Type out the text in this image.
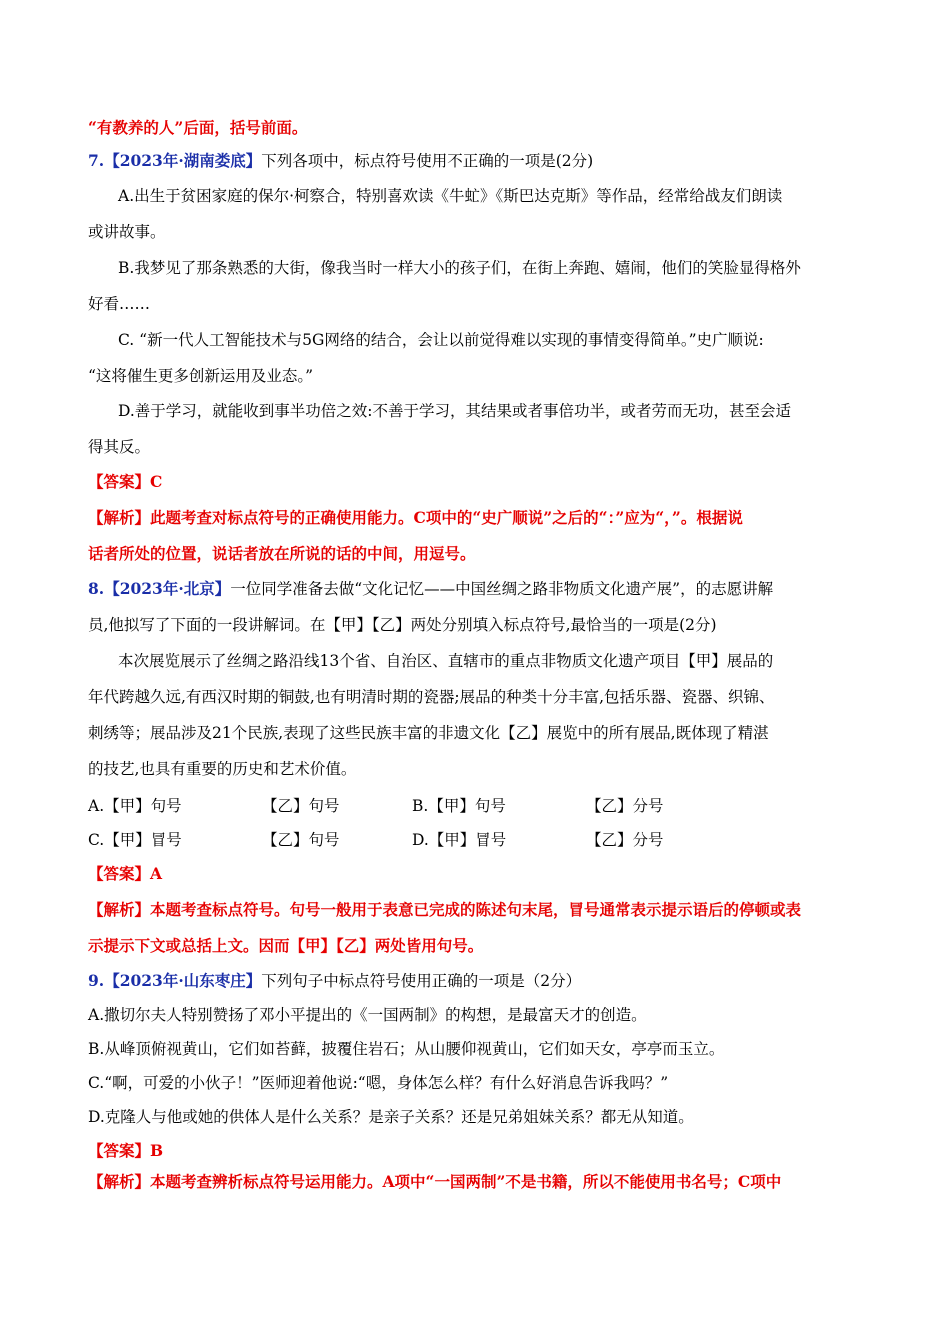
“有教养的人”后面，括号前面。
7.【2023年·湖南娄底】下列各项中，标点符号使用不正确的一项是(2分)
A.出生于贫困家庭的保尔·柯察合，特别喜欢读《牛虻》《斯巴达克斯》等作品，经常给战友们朗读
或讲故事。
B.我梦见了那条熟悉的大街，像我当时一样大小的孩子们，在街上奔跑、嬉闹，他们的笑脸显得格外
好看……
C. “新一代人工智能技术与5G网络的结合，会让以前觉得难以实现的事情变得简单。”史广顺说:
“这将催生更多创新运用及业态。”
D.善于学习，就能收到事半功倍之效:不善于学习，其结果或者事倍功半，或者劳而无功，甚至会适
得其反。
【答案】C
【解析】此题考查对标点符号的正确使用能力。C项中的“史广顺说”之后的“：”应为“，”。根据说
话者所处的位置，说话者放在所说的话的中间，用逗号。
8.【2023年·北京】一位同学准备去做“文化记忆——中国丝绸之路非物质文化遗产展”，的志愿讲解
员,他拟写了下面的一段讲解词。在【甲】【乙】两处分别填入标点符号,最恰当的一项是(2分)
本次展览展示了丝绸之路沿线13个省、自治区、直辖市的重点非物质文化遗产项目【甲】展品的
年代跨越久远,有西汉时期的铜鼓,也有明清时期的瓷器;展品的种类十分丰富,包括乐器、瓷器、织锦、
刺绣等；展品涉及21个民族,表现了这些民族丰富的非遗文化【乙】展览中的所有展品,既体现了精湛
的技艺,也具有重要的历史和艺术价值。
A.【甲】句号	【乙】句号	B.【甲】句号	【乙】分号
C.【甲】冒号	【乙】句号	D.【甲】冒号	【乙】分号
【答案】A
【解析】本题考查标点符号。句号一般用于表意已完成的陈述句末尾，冒号通常表示提示语后的停顿或表
示提示下文或总括上文。因而【甲】【乙】两处皆用句号。
9.【2023年·山东枣庄】下列句子中标点符号使用正确的一项是（2分）
A.撒切尔夫人特别赞扬了邓小平提出的《一国两制》的构想，是最富天才的创造。
B.从峰顶俯视黄山，它们如苔藓，披覆住岩石；从山腰仰视黄山，它们如天女，亭亭而玉立。
C.“啊，可爱的小伙子！”医师迎着他说:“嗯，身体怎么样？有什么好消息告诉我吗？”
D.克隆人与他或她的供体人是什么关系？是亲子关系？还是兄弟姐妹关系？都无从知道。
【答案】B
【解析】本题考查辨析标点符号运用能力。A项中“一国两制”不是书籍，所以不能使用书名号；C项中
